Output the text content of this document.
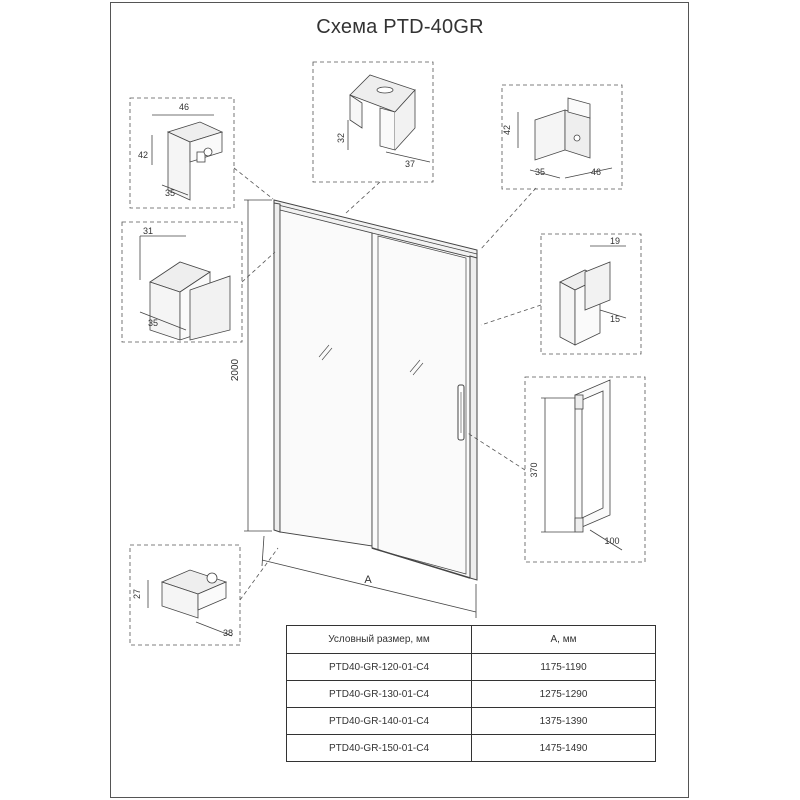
Схема PTD-40GR
2000
A
46
42
35
32
37
42
35	46
31
35
19
15
370
100
27
38
Условный размер, мм	А, мм
PTD40-GR-120-01-C4	1175-1190
PTD40-GR-130-01-C4	1275-1290
PTD40-GR-140-01-C4	1375-1390
PTD40-GR-150-01-C4	1475-1490
